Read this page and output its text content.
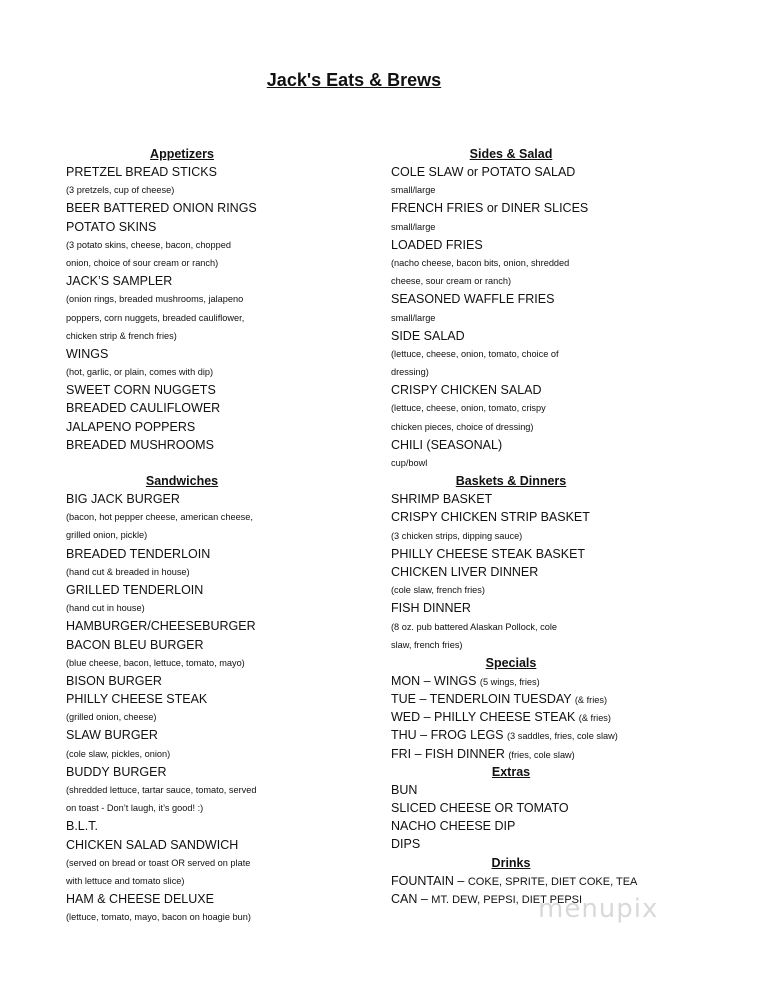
Jack's Eats & Brews
Appetizers
PRETZEL BREAD STICKS
(3 pretzels, cup of cheese)
BEER BATTERED ONION RINGS
POTATO SKINS
(3 potato skins, cheese, bacon, chopped
onion, choice of sour cream or ranch)
JACK’S SAMPLER
(onion rings, breaded mushrooms, jalapeno
poppers, corn nuggets, breaded cauliflower,
chicken strip & french fries)
WINGS
(hot, garlic, or plain, comes with dip)
SWEET CORN NUGGETS
BREADED CAULIFLOWER
JALAPENO POPPERS
BREADED MUSHROOMS
Sandwiches
BIG JACK BURGER
(bacon, hot pepper cheese, american cheese,
grilled onion, pickle)
BREADED TENDERLOIN
(hand cut & breaded in house)
GRILLED TENDERLOIN
(hand cut in house)
HAMBURGER/CHEESEBURGER
BACON BLEU BURGER
(blue cheese, bacon, lettuce, tomato, mayo)
BISON BURGER
PHILLY CHEESE STEAK
(grilled onion, cheese)
SLAW BURGER
(cole slaw, pickles, onion)
BUDDY BURGER
(shredded lettuce, tartar sauce, tomato, served
on toast - Don’t laugh, it’s good! :)
B.L.T.
CHICKEN SALAD SANDWICH
(served on bread or toast OR served on plate
with lettuce and tomato slice)
HAM & CHEESE DELUXE
(lettuce, tomato, mayo, bacon on hoagie bun)
Sides & Salad
COLE SLAW or POTATO SALAD
small/large
FRENCH FRIES or DINER SLICES
small/large
LOADED FRIES
(nacho cheese, bacon bits, onion, shredded
cheese, sour cream or ranch)
SEASONED WAFFLE FRIES
small/large
SIDE SALAD
(lettuce, cheese, onion, tomato, choice of
dressing)
CRISPY CHICKEN SALAD
(lettuce, cheese, onion, tomato, crispy
chicken pieces, choice of dressing)
CHILI (SEASONAL)
cup/bowl
Baskets & Dinners
SHRIMP BASKET
CRISPY CHICKEN STRIP BASKET
(3 chicken strips, dipping sauce)
PHILLY CHEESE STEAK BASKET
CHICKEN LIVER DINNER
(cole slaw, french fries)
FISH DINNER
(8 oz. pub battered Alaskan Pollock, cole
slaw, french fries)
Specials
MON – WINGS (5 wings, fries)
TUE – TENDERLOIN TUESDAY (& fries)
WED – PHILLY CHEESE STEAK (& fries)
THU – FROG LEGS (3 saddles, fries, cole slaw)
FRI – FISH DINNER (fries, cole slaw)
Extras
BUN
SLICED CHEESE OR TOMATO
NACHO CHEESE DIP
DIPS
Drinks
FOUNTAIN – COKE, SPRITE, DIET COKE, TEA
CAN – MT. DEW, PEPSI, DIET PEPSI
menupix
